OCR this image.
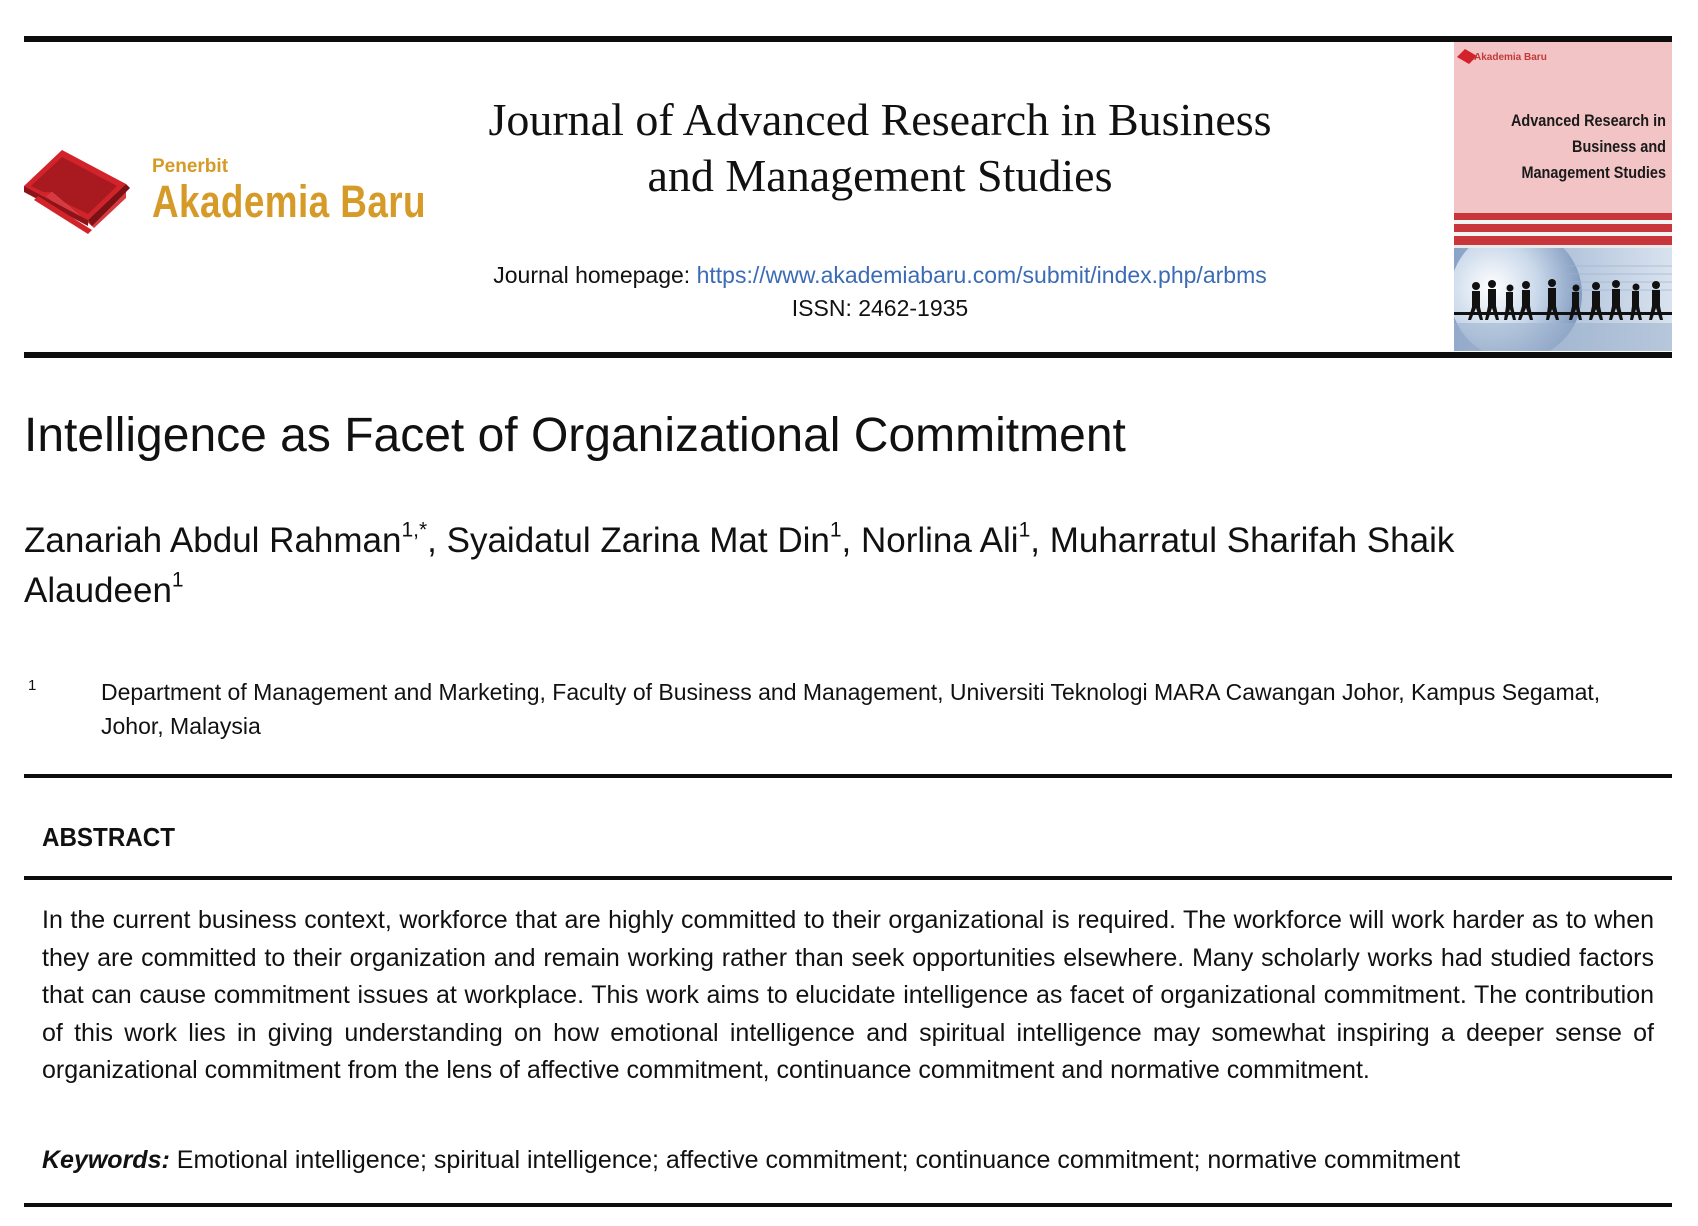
Penerbit
Akademia Baru
Journal of Advanced Research in Business
and Management Studies
Journal homepage: https://www.akademiabaru.com/submit/index.php/arbms
ISSN: 2462-1935
Akademia Baru
Advanced Research in
Business and
Management Studies
Intelligence as Facet of Organizational Commitment
Zanariah Abdul Rahman$^{1,*}$, Syaidatul Zarina Mat Din$^1$, Norlina Ali$^1$, Muharratul Sharifah Shaik Alaudeen$^1$
1	Department of Management and Marketing, Faculty of Business and Management, Universiti Teknologi MARA Cawangan Johor, Kampus Segamat, Johor, Malaysia
ABSTRACT
In the current business context, workforce that are highly committed to their organizational is required. The workforce will work harder as to when they are committed to their organization and remain working rather than seek opportunities elsewhere. Many scholarly works had studied factors that can cause commitment issues at workplace. This work aims to elucidate intelligence as facet of organizational commitment. The contribution of this work lies in giving understanding on how emotional intelligence and spiritual intelligence may somewhat inspiring a deeper sense of organizational commitment from the lens of affective commitment, continuance commitment and normative commitment.
Keywords: Emotional intelligence; spiritual intelligence; affective commitment; continuance commitment; normative commitment
